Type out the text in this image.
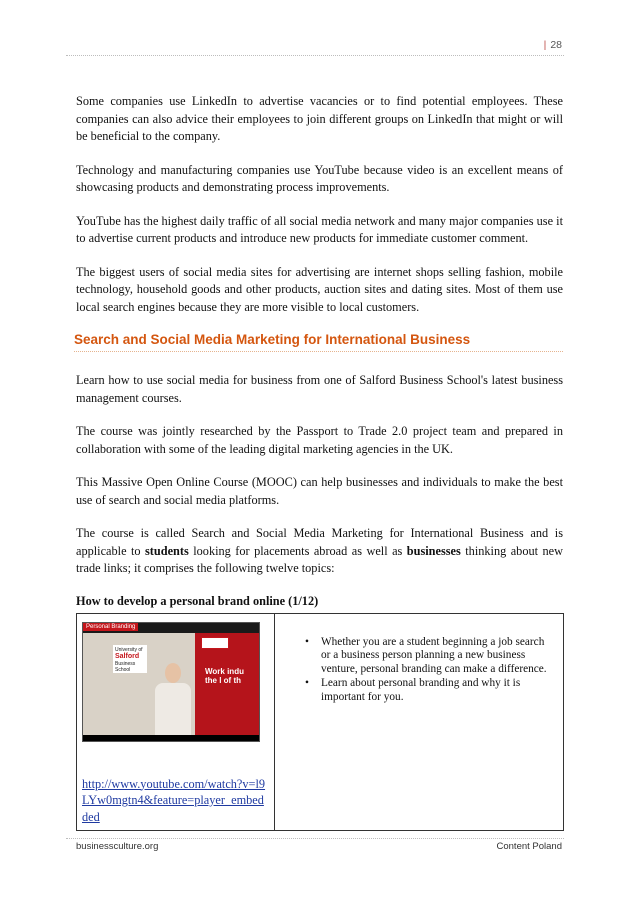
| 28

Some companies use LinkedIn to advertise vacancies or to find potential employees. These companies can also advice their employees to join different groups on LinkedIn that might or will be beneficial to the company.

Technology and manufacturing companies use YouTube because video is an excellent means of showcasing products and demonstrating process improvements.

YouTube has the highest daily traffic of all social media network and many major companies use it to advertise current products and introduce new products for immediate customer comment.

The biggest users of social media sites for advertising are internet shops selling fashion, mobile technology, household goods and other products, auction sites and dating sites. Most of them use local search engines because they are more visible to local customers.

Search and Social Media Marketing for International Business

Learn how to use social media for business from one of Salford Business School's latest business management courses.

The course was jointly researched by the Passport to Trade 2.0 project team and prepared in collaboration with some of the leading digital marketing agencies in the UK.

This Massive Open Online Course (MOOC) can help businesses and individuals to make the best use of search and social media platforms.

The course is called Search and Social Media Marketing for International Business and is applicable to students looking for placements abroad as well as businesses thinking about new trade links; it comprises the following twelve topics:

How to develop a personal brand online (1/12)
Personal Branding
University of
Salford
Business School	Work indu the l of th
http://www.youtube.com/watch?v=l9LYw0mgtn4&feature=player_embedded

• Whether you are a student beginning a job search or a business person planning a new business venture, personal branding can make a difference.
• Learn about personal branding and why it is important for you.
businessculture.org	Content Poland
